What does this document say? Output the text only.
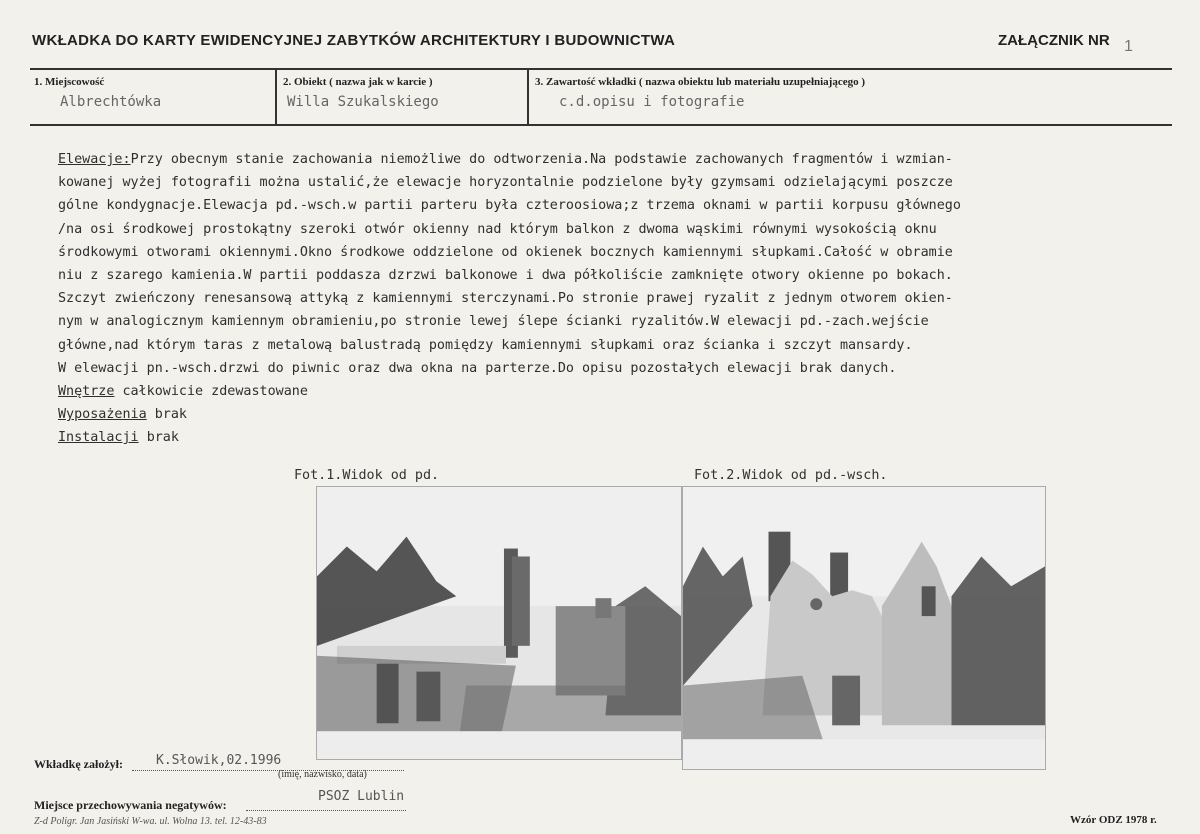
WKŁADKA DO KARTY EWIDENCYJNEJ ZABYTKÓW ARCHITEKTURY I BUDOWNICTWA	ZAŁĄCZNIK NR 1
1. Miejscowość
Albrechtówka
2. Obiekt ( nazwa jak w karcie )
Willa Szukalskiego
3. Zawartość wkładki ( nazwa obiektu lub materiału uzupełniającego )
c.d.opisu i fotografie
Elewacje:Przy obecnym stanie zachowania niemożliwe do odtworzenia.Na podstawie zachowanych fragmentów i wzmian-
kowanej wyżej fotografii można ustalić,że elewacje horyzontalnie podzielone były gzymsami odzielającymi poszcze
gólne kondygnacje.Elewacja pd.-wsch.w partii parteru była czteroosiowa;z trzema oknami w partii korpusu głównego
/na osi środkowej prostokątny szeroki otwór okienny nad którym balkon z dwoma wąskimi równymi wysokością oknu
środkowymi otworami okiennymi.Okno środkowe oddzielone od okienek bocznych kamiennymi słupkami.Całość w obramie
niu z szarego kamienia.W partii poddasza dzrzwi balkonowe i dwa półkoliście zamknięte otwory okienne po bokach.
Szczyt zwieńczony renesansową attyką z kamiennymi sterczynami.Po stronie prawej ryzalit z jednym otworem okien-
nym w analogicznym kamiennym obramieniu,po stronie lewej ślepe ścianki ryzalitów.W elewacji pd.-zach.wejście
główne,nad którym taras z metalową balustradą pomiędzy kamiennymi słupkami oraz ścianka i szczyt mansardy.
W elewacji pn.-wsch.drzwi do piwnic oraz dwa okna na parterze.Do opisu pozostałych elewacji brak danych.
Wnętrze całkowicie zdewastowane
Wyposażenia brak
Instalacji brak
Fot.1.Widok od pd.	Fot.2.Widok od pd.-wsch.
Wkładkę założył:	K.Słowik,02.1996
(imię, nazwisko, data)
Miejsce przechowywania negatywów:
PSOZ Lublin
Z-d Poligr. Jan Jasiński W-wa. ul. Wolna 13. tel. 12-43-83	Wzór ODZ 1978 r.
